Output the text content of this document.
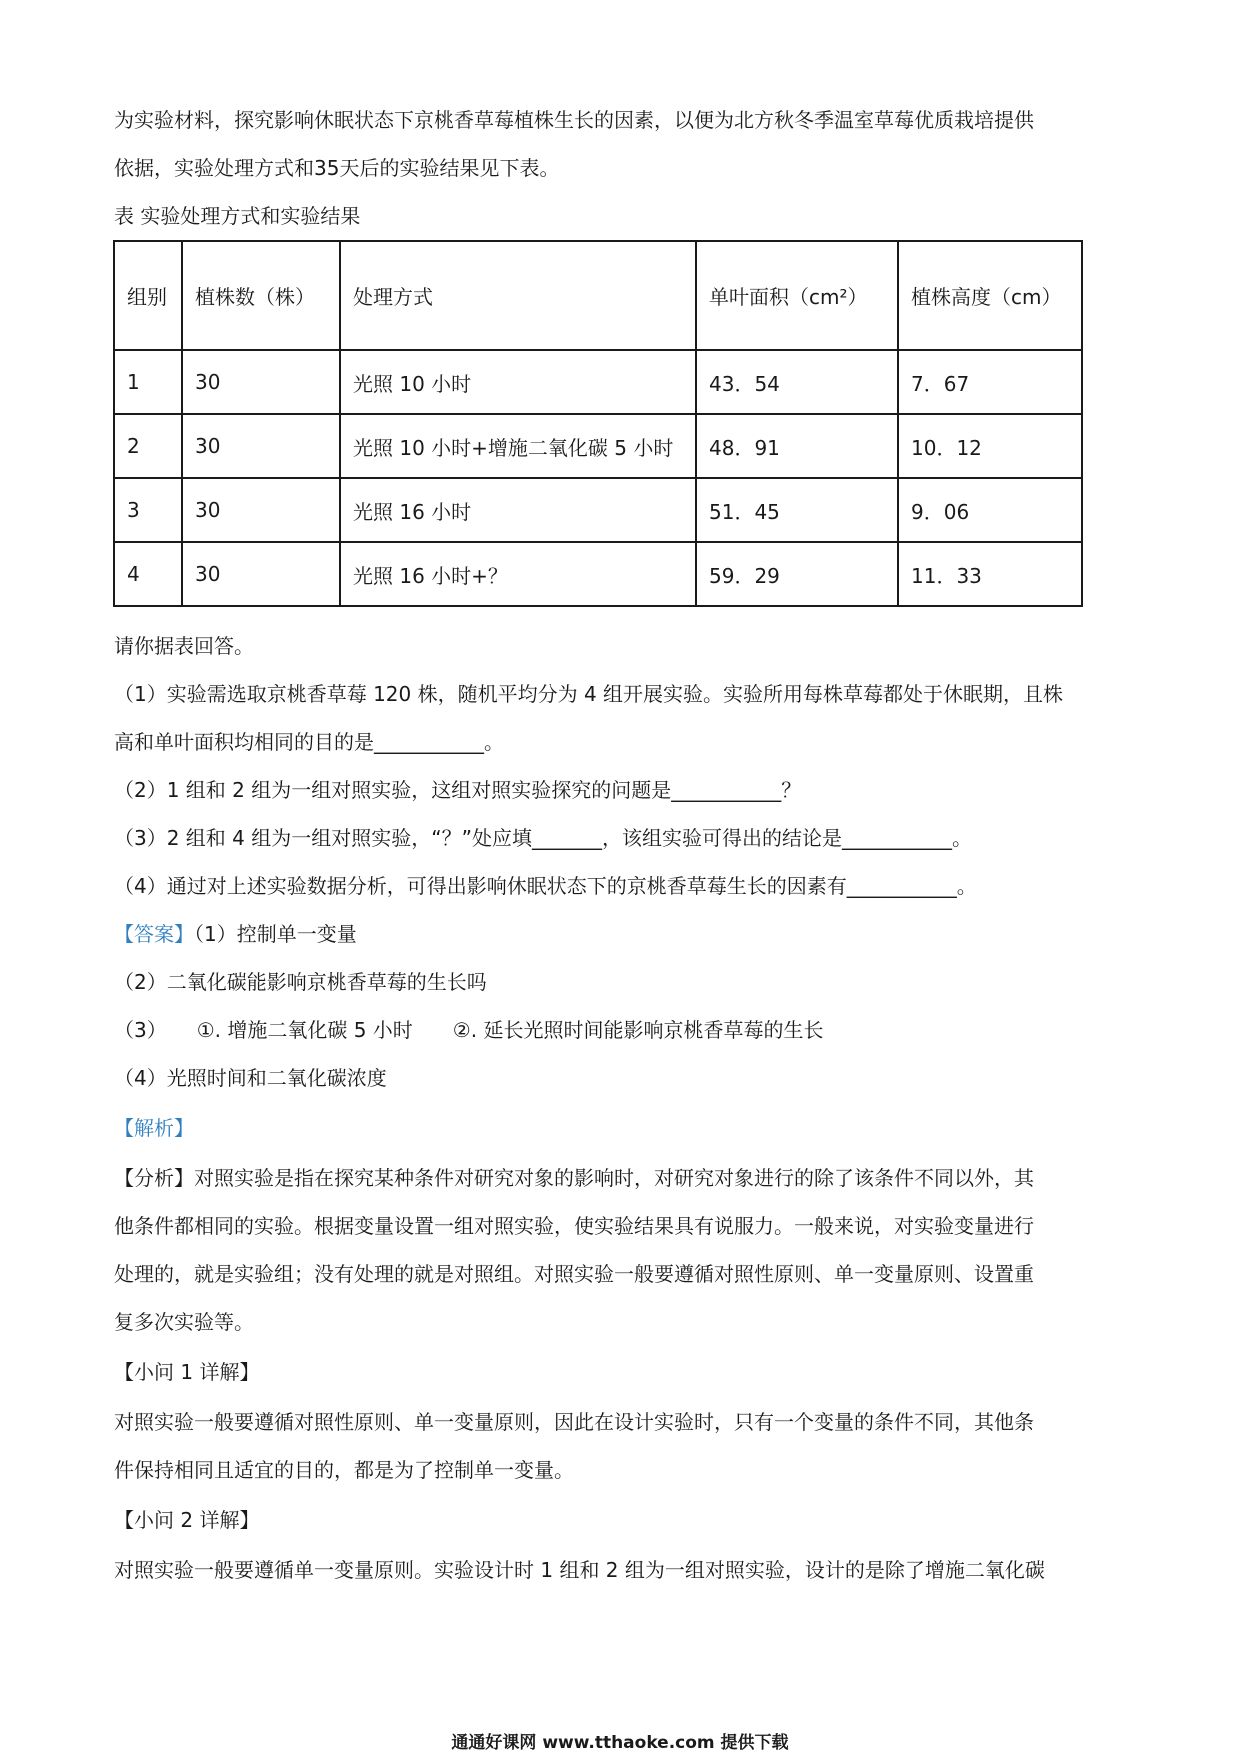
为实验材料，探究影响休眠状态下京桃香草莓植株生长的因素，以便为北方秋冬季温室草莓优质栽培提供
依据，实验处理方式和35天后的实验结果见下表。
表 实验处理方式和实验结果
组别	植株数（株）	处理方式	单叶面积（cm²）	植株高度（cm）
1	30	光照 10 小时	43．54	7．67
2	30	光照 10 小时+增施二氧化碳 5 小时	48．91	10．12
3	30	光照 16 小时	51．45	9．06
4	30	光照 16 小时+？	59．29	11．33
请你据表回答。
（1）实验需选取京桃香草莓 120 株，随机平均分为 4 组开展实验。实验所用每株草莓都处于休眠期，且株
高和单叶面积均相同的目的是___________。
（2）1 组和 2 组为一组对照实验，这组对照实验探究的问题是___________？
（3）2 组和 4 组为一组对照实验，“？”处应填_______，该组实验可得出的结论是___________。
（4）通过对上述实验数据分析，可得出影响休眠状态下的京桃香草莓生长的因素有___________。
【答案】（1）控制单一变量
（2）二氧化碳能影响京桃香草莓的生长吗
（3）　　①. 增施二氧化碳 5 小时　　②. 延长光照时间能影响京桃香草莓的生长
（4）光照时间和二氧化碳浓度
【解析】
【分析】对照实验是指在探究某种条件对研究对象的影响时，对研究对象进行的除了该条件不同以外，其
他条件都相同的实验。根据变量设置一组对照实验，使实验结果具有说服力。一般来说，对实验变量进行
处理的，就是实验组；没有处理的就是对照组。对照实验一般要遵循对照性原则、单一变量原则、设置重
复多次实验等。
【小问 1 详解】
对照实验一般要遵循对照性原则、单一变量原则，因此在设计实验时，只有一个变量的条件不同，其他条
件保持相同且适宜的目的，都是为了控制单一变量。
【小问 2 详解】
对照实验一般要遵循单一变量原则。实验设计时 1 组和 2 组为一组对照实验，设计的是除了增施二氧化碳
通通好课网 www.tthaoke.com 提供下载
